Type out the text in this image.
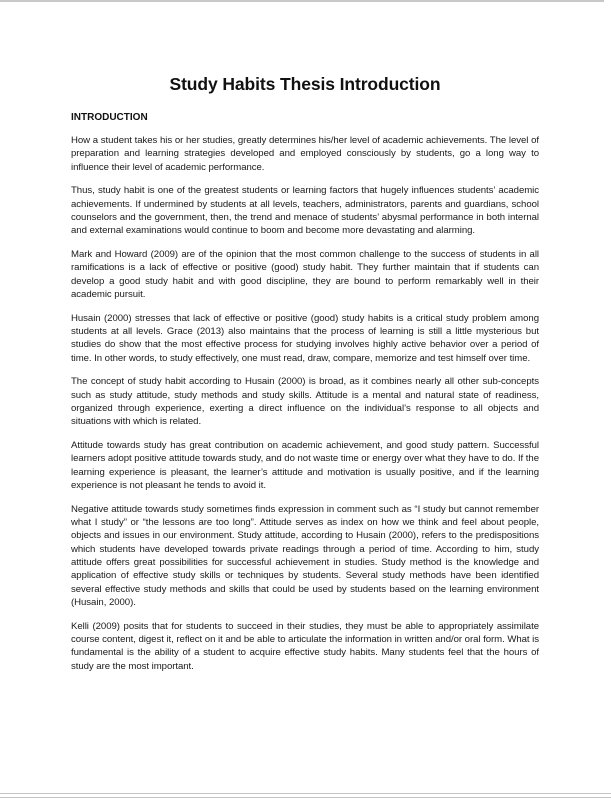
Study Habits Thesis Introduction
INTRODUCTION

How a student takes his or her studies, greatly determines his/her level of academic achievements. The level of preparation and learning strategies developed and employed consciously by students, go a long way to influence their level of academic performance.

Thus, study habit is one of the greatest students or learning factors that hugely influences students’ academic achievements. If undermined by students at all levels, teachers, administrators, parents and guardians, school counselors and the government, then, the trend and menace of students’ abysmal performance in both internal and external examinations would continue to boom and become more devastating and alarming.

Mark and Howard (2009) are of the opinion that the most common challenge to the success of students in all ramifications is a lack of effective or positive (good) study habit. They further maintain that if students can develop a good study habit and with good discipline, they are bound to perform remarkably well in their academic pursuit.

Husain (2000) stresses that lack of effective or positive (good) study habits is a critical study problem among students at all levels. Grace (2013) also maintains that the process of learning is still a little mysterious but studies do show that the most effective process for studying involves highly active behavior over a period of time. In other words, to study effectively, one must read, draw, compare, memorize and test himself over time.

The concept of study habit according to Husain (2000) is broad, as it combines nearly all other sub-concepts such as study attitude, study methods and study skills. Attitude is a mental and natural state of readiness, organized through experience, exerting a direct influence on the individual’s response to all objects and situations with which is related.

Attitude towards study has great contribution on academic achievement, and good study pattern. Successful learners adopt positive attitude towards study, and do not waste time or energy over what they have to do. If the learning experience is pleasant, the learner’s attitude and motivation is usually positive, and if the learning experience is not pleasant he tends to avoid it.

Negative attitude towards study sometimes finds expression in comment such as “I study but cannot remember what I study” or “the lessons are too long”. Attitude serves as index on how we think and feel about people, objects and issues in our environment. Study attitude, according to Husain (2000), refers to the predispositions which students have developed towards private readings through a period of time. According to him, study attitude offers great possibilities for successful achievement in studies. Study method is the knowledge and application of effective study skills or techniques by students. Several study methods have been identified several effective study methods and skills that could be used by students based on the learning environment (Husain, 2000).

Kelli (2009) posits that for students to succeed in their studies, they must be able to appropriately assimilate course content, digest it, reflect on it and be able to articulate the information in written and/or oral form. What is fundamental is the ability of a student to acquire effective study habits. Many students feel that the hours of study are the most important.
